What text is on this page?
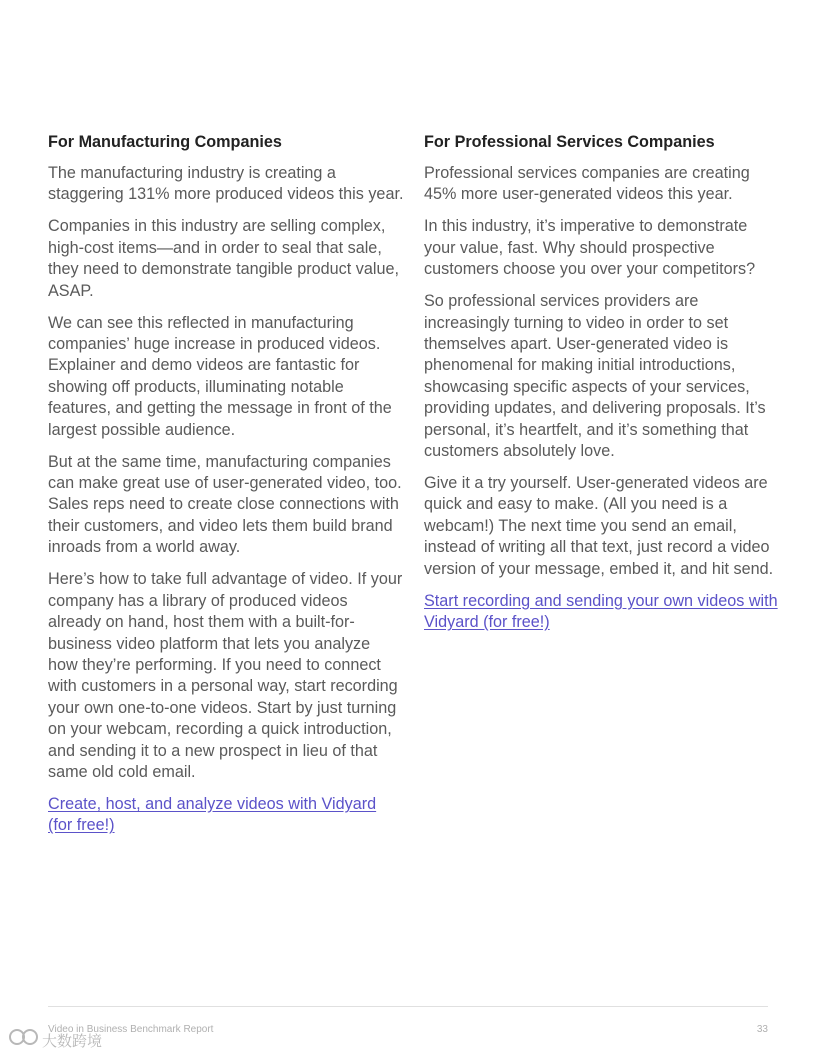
For Manufacturing Companies

The manufacturing industry is creating a staggering 131% more produced videos this year.

Companies in this industry are selling complex, high-cost items—and in order to seal that sale, they need to demonstrate tangible product value, ASAP.

We can see this reflected in manufacturing companies’ huge increase in produced videos. Explainer and demo videos are fantastic for showing off products, illuminating notable features, and getting the message in front of the largest possible audience.

But at the same time, manufacturing companies can make great use of user-generated video, too. Sales reps need to create close connections with their customers, and video lets them build brand inroads from a world away.

Here’s how to take full advantage of video. If your company has a library of produced videos already on hand, host them with a built-for-business video platform that lets you analyze how they’re performing. If you need to connect with customers in a personal way, start recording your own one-to-one videos. Start by just turning on your webcam, recording a quick introduction, and sending it to a new prospect in lieu of that same old cold email.

Create, host, and analyze videos with Vidyard (for free!)
For Professional Services Companies

Professional services companies are creating 45% more user-generated videos this year.

In this industry, it’s imperative to demonstrate your value, fast. Why should prospective customers choose you over your competitors?

So professional services providers are increasingly turning to video in order to set themselves apart. User-generated video is phenomenal for making initial introductions, showcasing specific aspects of your services, providing updates, and delivering proposals. It’s personal, it’s heartfelt, and it’s something that customers absolutely love.

Give it a try yourself. User-generated videos are quick and easy to make. (All you need is a webcam!) The next time you send an email, instead of writing all that text, just record a video version of your message, embed it, and hit send.

Start recording and sending your own videos with Vidyard (for free!)
Video in Business Benchmark Report	33
大数跨境
